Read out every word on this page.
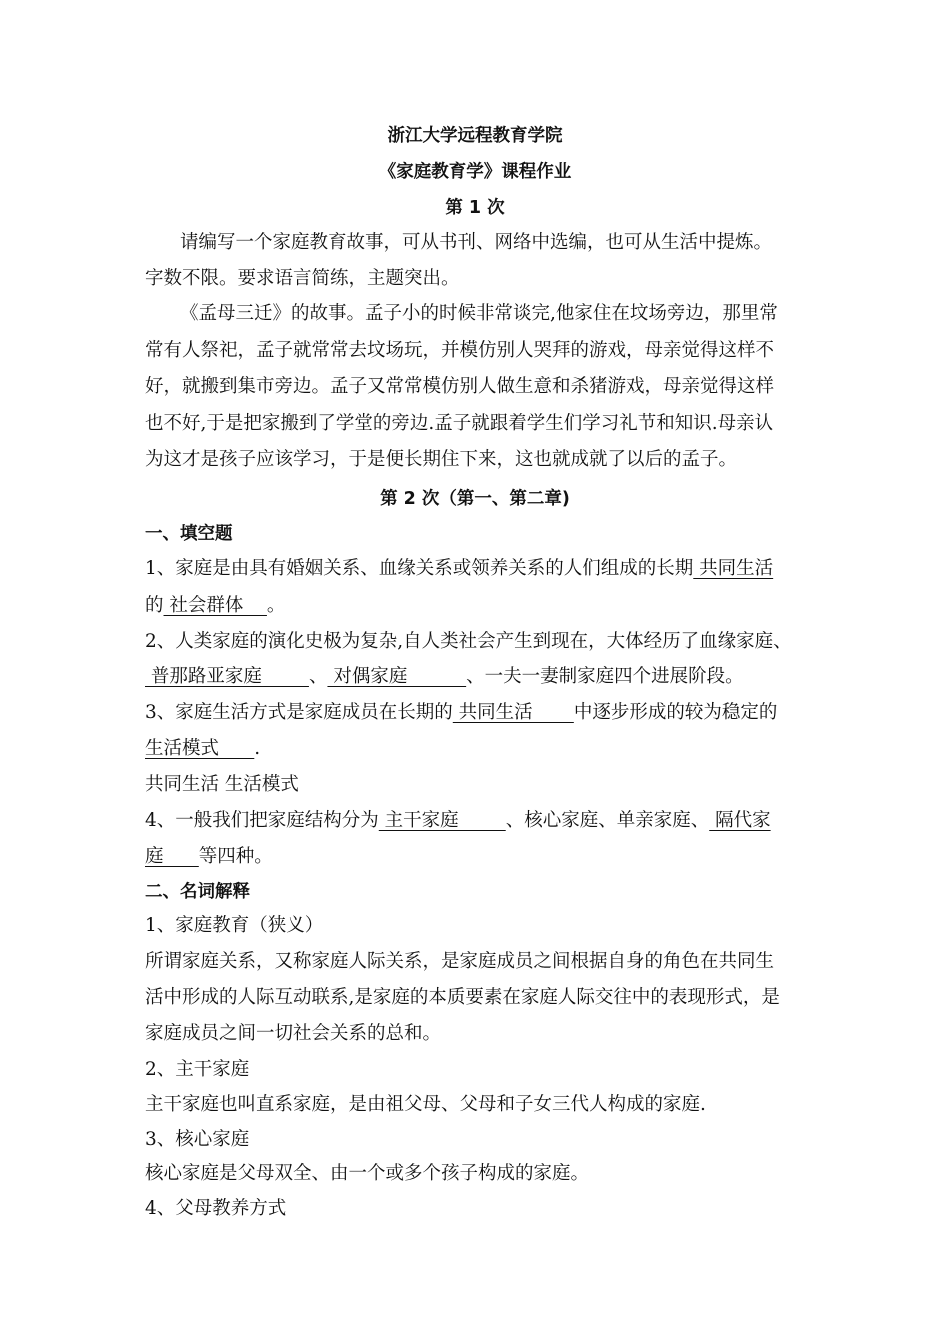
浙江大学远程教育学院
《家庭教育学》课程作业
第 1 次
请编写一个家庭教育故事，可从书刊、网络中选编，也可从生活中提炼。
字数不限。要求语言简练，主题突出。
《孟母三迁》的故事。孟子小的时候非常谈完,他家住在坟场旁边，那里常
常有人祭祀，孟子就常常去坟场玩，并模仿别人哭拜的游戏，母亲觉得这样不
好，就搬到集市旁边。孟子又常常模仿别人做生意和杀猪游戏，母亲觉得这样
也不好,于是把家搬到了学堂的旁边.孟子就跟着学生们学习礼节和知识.母亲认
为这才是孩子应该学习，于是便长期住下来，这也就成就了以后的孟子。
第 2 次（第一、第二章)
一、填空题
1、家庭是由具有婚姻关系、血缘关系或领养关系的人们组成的长期 共同生活
的 社会群体    。
2、人类家庭的演化史极为复杂,自人类社会产生到现在，大体经历了血缘家庭、
普那路亚家庭        、 对偶家庭          、一夫一妻制家庭四个进展阶段。
3、家庭生活方式是家庭成员在长期的 共同生活       中逐步形成的较为稳定的
生活模式      .
共同生活 生活模式
4、一般我们把家庭结构分为 主干家庭        、核心家庭、单亲家庭、 隔代家
庭      等四种。
二、名词解释
1、家庭教育（狭义）
所谓家庭关系，又称家庭人际关系，是家庭成员之间根据自身的角色在共同生
活中形成的人际互动联系,是家庭的本质要素在家庭人际交往中的表现形式，是
家庭成员之间一切社会关系的总和。
2、主干家庭
主干家庭也叫直系家庭，是由祖父母、父母和子女三代人构成的家庭.
3、核心家庭
核心家庭是父母双全、由一个或多个孩子构成的家庭。
4、父母教养方式
